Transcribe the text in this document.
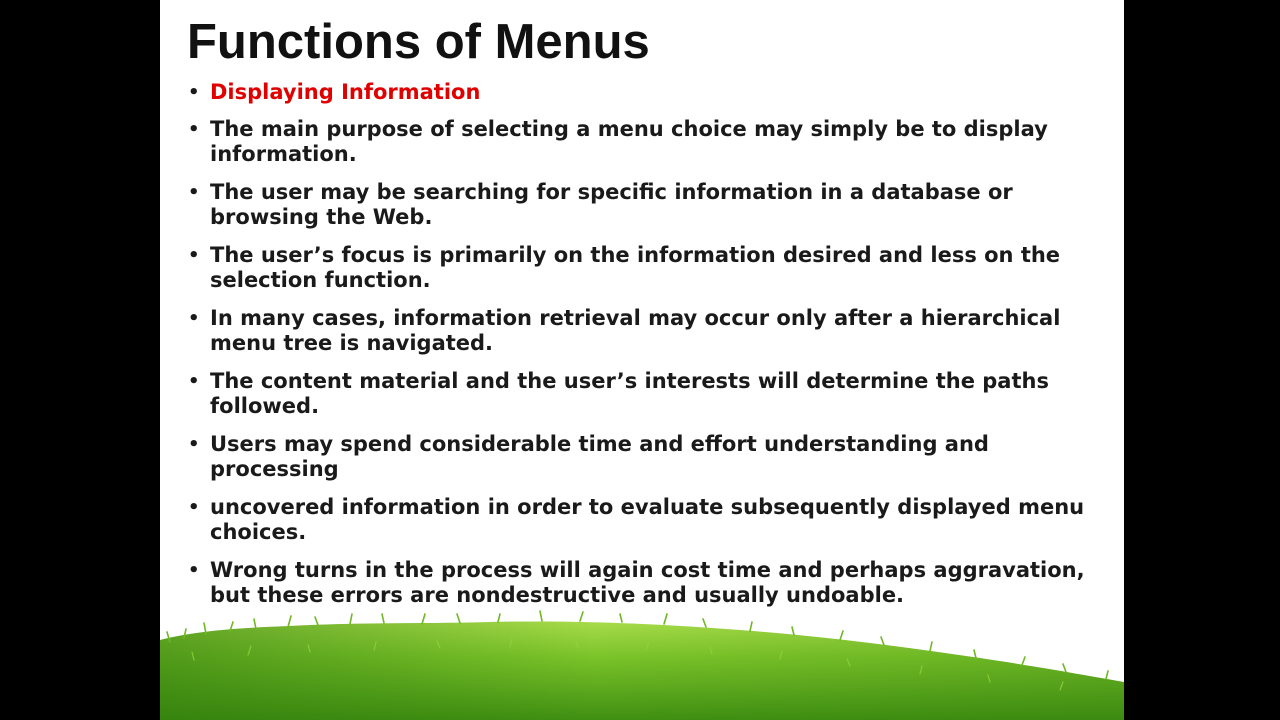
Functions of Menus
• Displaying Information
• The main purpose of selecting a menu choice may simply be to display information.
• The user may be searching for specific information in a database or browsing the Web.
• The user’s focus is primarily on the information desired and less on the selection function.
• In many cases, information retrieval may occur only after a hierarchical menu tree is navigated.
• The content material and the user’s interests will determine the paths followed.
• Users may spend considerable time and effort understanding and processing
• uncovered information in order to evaluate subsequently displayed menu choices.
• Wrong turns in the process will again cost time and perhaps aggravation, but these errors are nondestructive and usually undoable.
